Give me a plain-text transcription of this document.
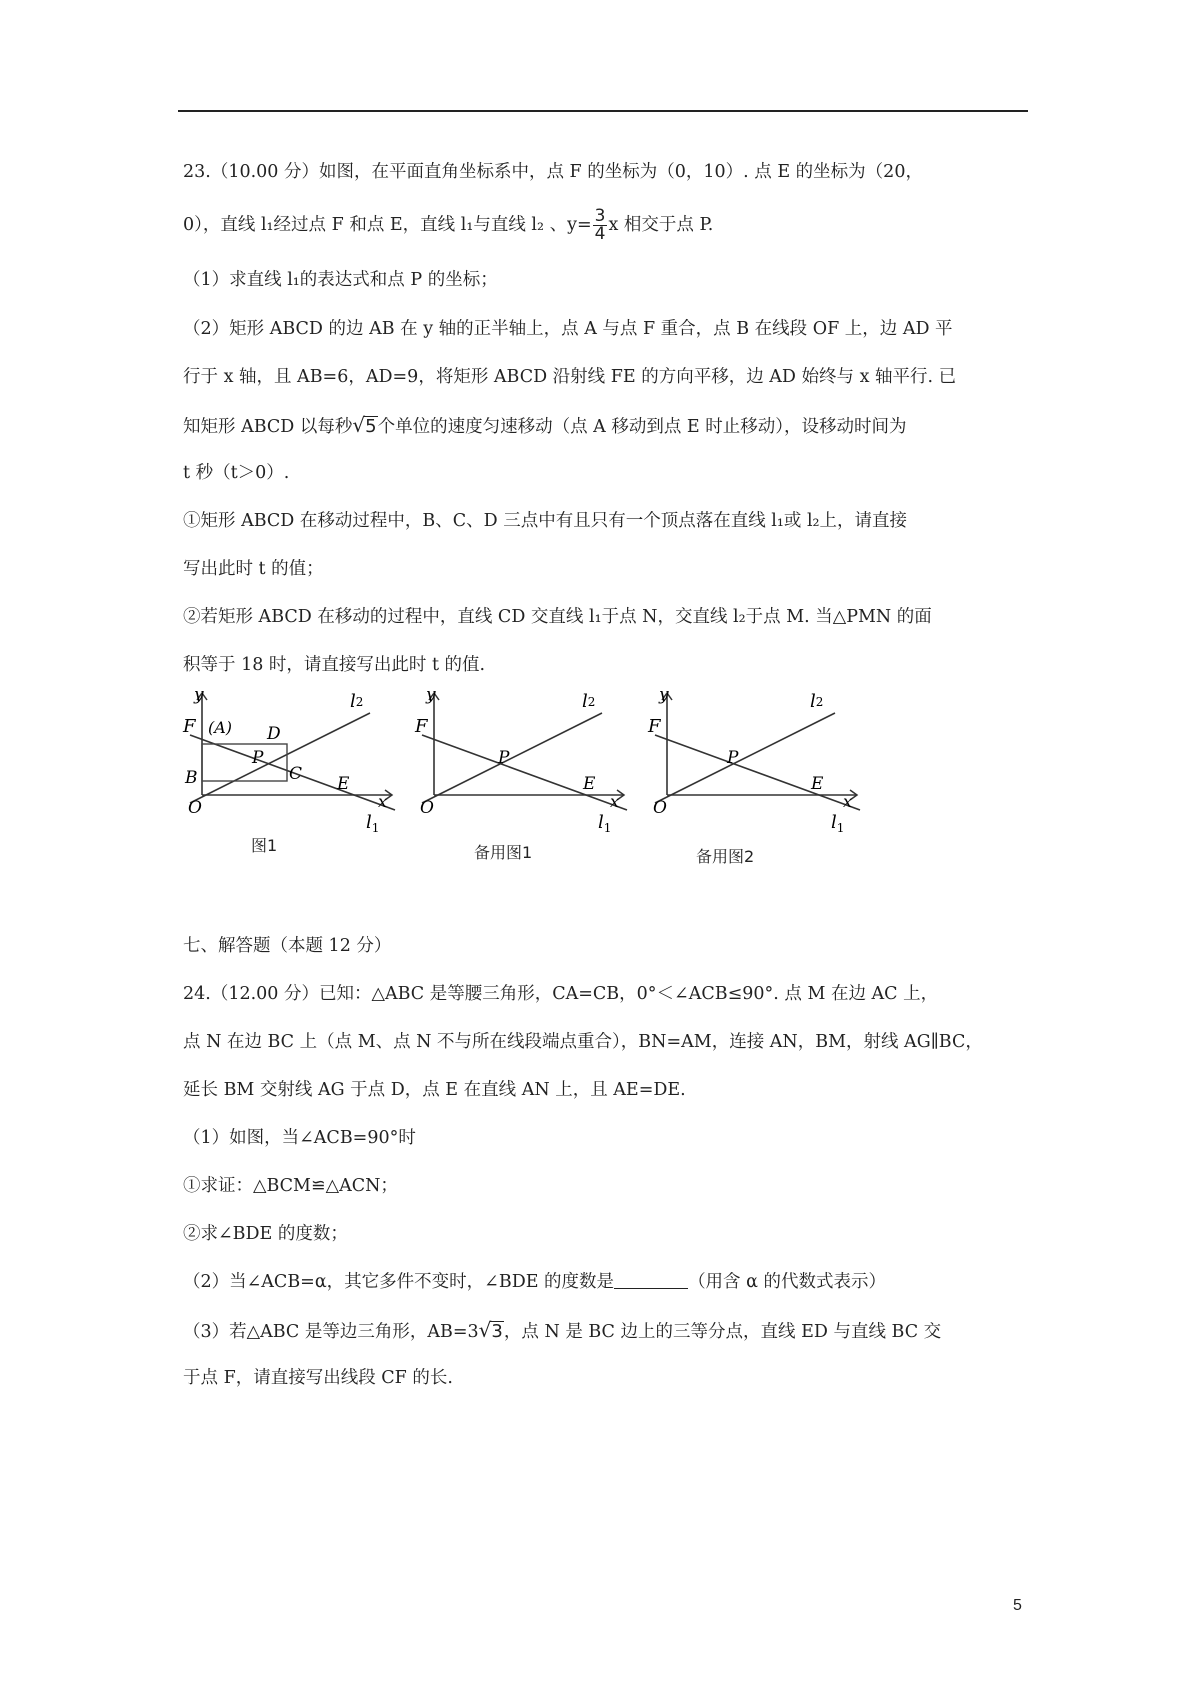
23.（10.00 分）如图，在平面直角坐标系中，点 F 的坐标为（0，10）. 点 E 的坐标为（20，
0），直线 l₁经过点 F 和点 E，直线 l₁与直线 l₂ 、$y= \frac{3}{4}$ x 相交于点 P.
（1）求直线 l₁的表达式和点 P 的坐标；
（2）矩形 ABCD 的边 AB 在 y 轴的正半轴上，点 A 与点 F 重合，点 B 在线段 OF 上，边 AD 平
行于 x 轴，且 AB=6，AD=9，将矩形 ABCD 沿射线 FE 的方向平移，边 AD 始终与 x 轴平行. 已
知矩形 ABCD 以每秒√5个单位的速度匀速移动（点 A 移动到点 E 时止移动），设移动时间为
t 秒（t＞0）.
①矩形 ABCD 在移动过程中，B、C、D 三点中有且只有一个顶点落在直线 l₁或 l₂上，请直接
写出此时 t 的值；
②若矩形 ABCD 在移动的过程中，直线 CD 交直线 l₁于点 N，交直线 l₂于点 M. 当△PMN 的面
积等于 18 时，请直接写出此时 t 的值.
y
F (A) D
P
C
B	E
O	x
$l_1$
l2
图1
y
F
P
E
O	x
$l_1$
l2
备用图1
y
F
P
E
O	x
$l_1$
l2
备用图2
七、解答题（本题 12 分）
24.（12.00 分）已知：△ABC 是等腰三角形，CA=CB，0°＜∠ACB≤90°. 点 M 在边 AC 上，
点 N 在边 BC 上（点 M、点 N 不与所在线段端点重合），BN=AM，连接 AN，BM，射线 AG∥BC，
延长 BM 交射线 AG 于点 D，点 E 在直线 AN 上，且 AE=DE.
（1）如图，当∠ACB=90°时
①求证：△BCM≌△ACN；
②求∠BDE 的度数；
（2）当∠ACB=α，其它多件不变时，∠BDE 的度数是	（用含 α 的代数式表示）
（3）若△ABC 是等边三角形，AB=3√3，点 N 是 BC 边上的三等分点，直线 ED 与直线 BC 交
于点 F，请直接写出线段 CF 的长.
5
